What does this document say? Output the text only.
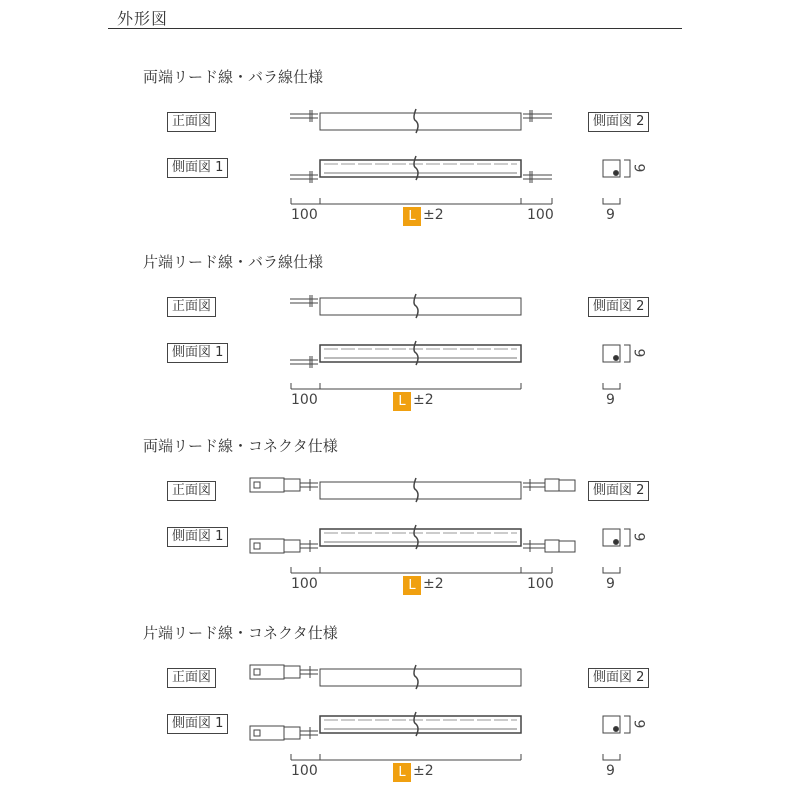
外形図
両端リード線・バラ線仕様
正面図
側面図 1
側面図 2
100	L ±2	100	9
9
片端リード線・バラ線仕様
正面図
側面図 1
側面図 2
100	L ±2	9
9
両端リード線・コネクタ仕様
正面図
側面図 1
側面図 2
100	L ±2	100	9
9
片端リード線・コネクタ仕様
正面図
側面図 1
側面図 2
100	L ±2	9
9
